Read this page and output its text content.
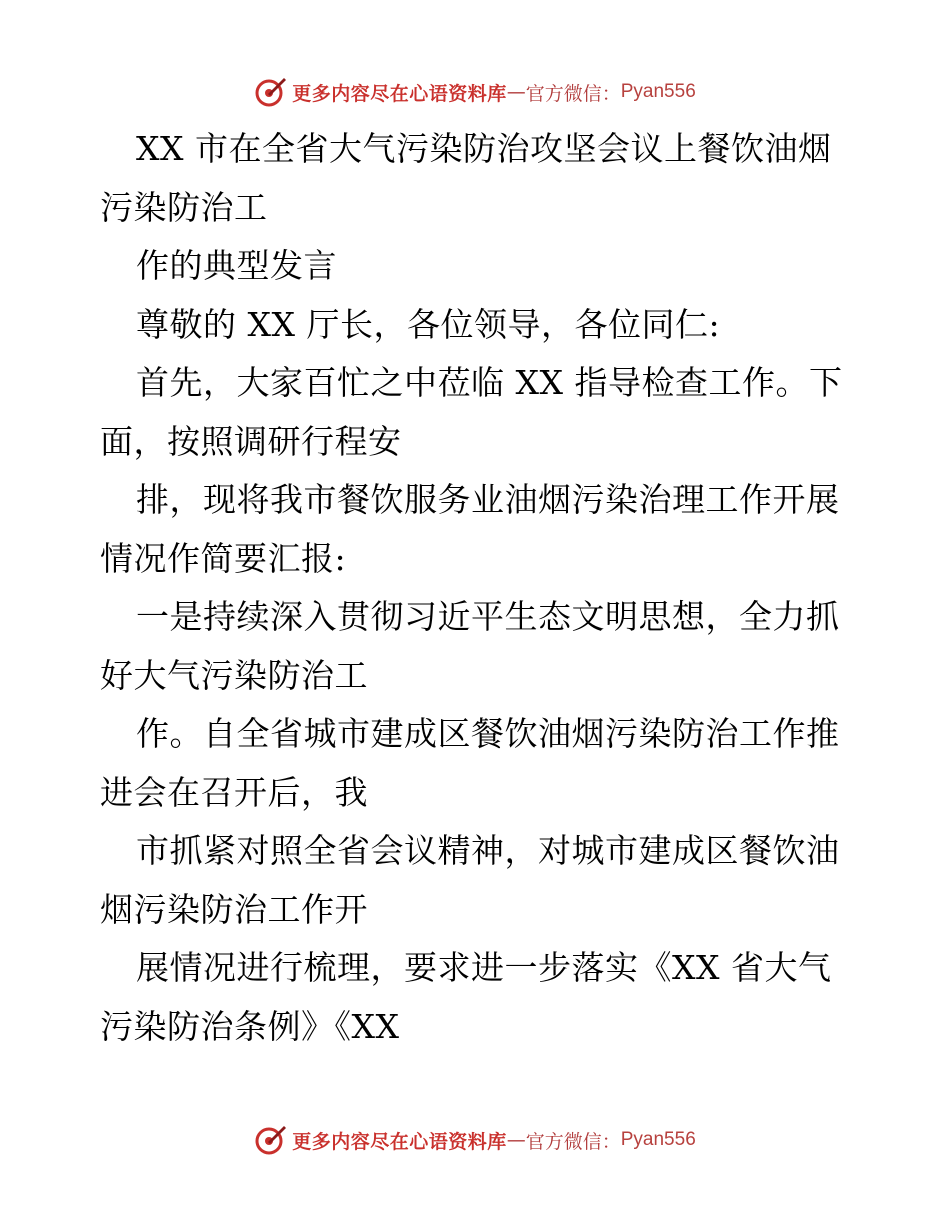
更多内容尽在心语资料库 — 官方微信： Pyan556
XX 市在全省大气污染防治攻坚会议上餐饮油烟
污染防治工
作的典型发言
尊敬的 XX 厅长，各位领导，各位同仁:
首先，大家百忙之中莅临 XX 指导检查工作。下
面，按照调研行程安
排，现将我市餐饮服务业油烟污染治理工作开展
情况作简要汇报:
一是持续深入贯彻习近平生态文明思想，全力抓
好大气污染防治工
作。自全省城市建成区餐饮油烟污染防治工作推
进会在召开后，我
市抓紧对照全省会议精神，对城市建成区餐饮油
烟污染防治工作开
展情况进行梳理，要求进一步落实《XX 省大气
污染防治条例》《XX
更多内容尽在心语资料库 — 官方微信： Pyan556
